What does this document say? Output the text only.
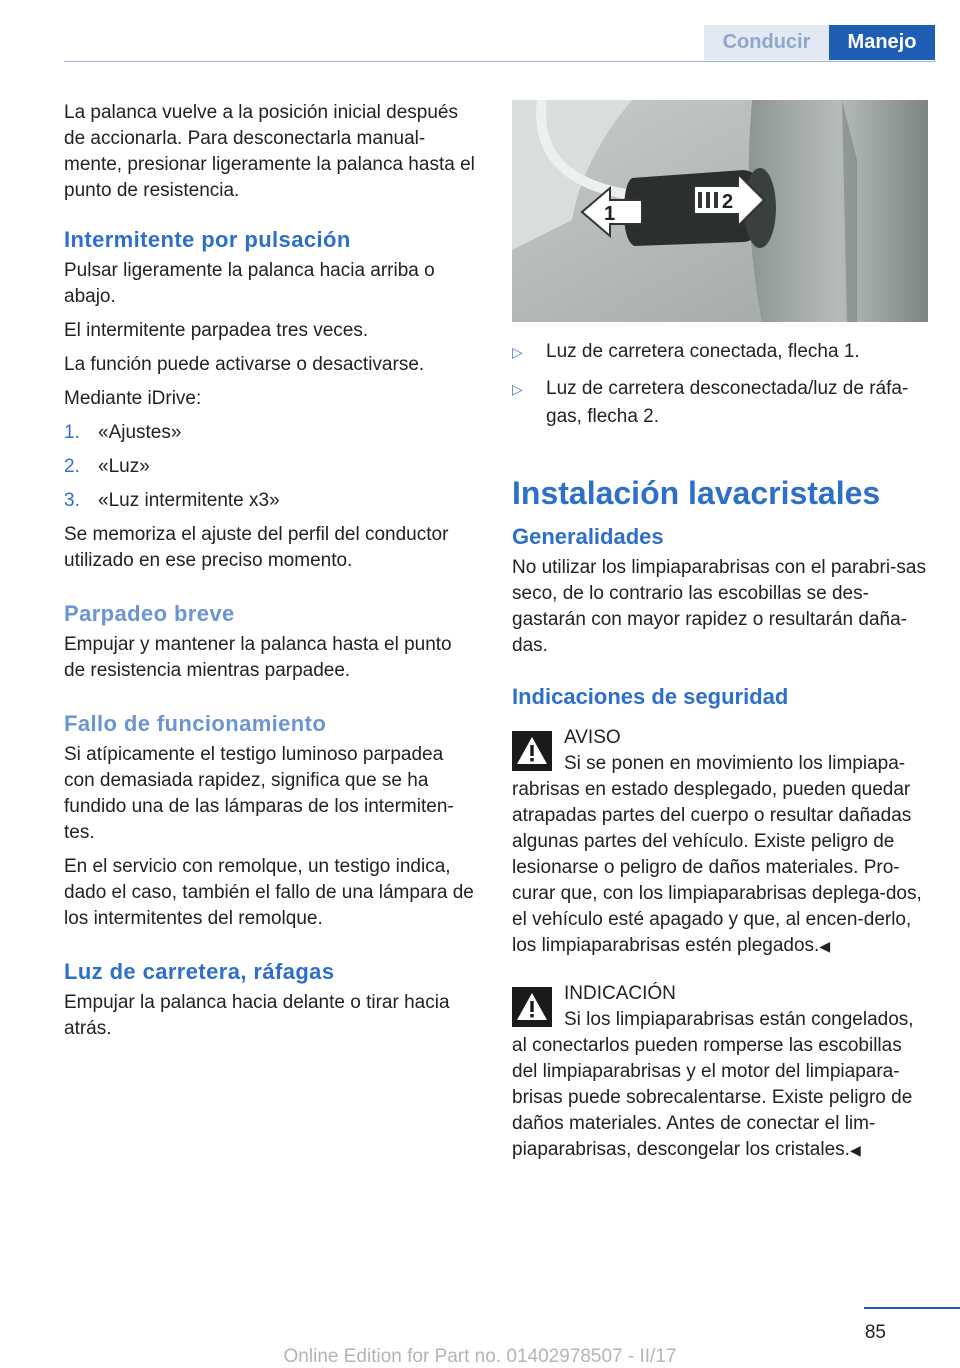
Conducir	Manejo

La palanca vuelve a la posición inicial después de accionarla. Para desconectarla manual-mente, presionar ligeramente la palanca hasta el punto de resistencia.

Intermitente por pulsación

Pulsar ligeramente la palanca hacia arriba o abajo.

El intermitente parpadea tres veces.

La función puede activarse o desactivarse.

Mediante iDrive:

1. «Ajustes»
2. «Luz»
3. «Luz intermitente x3»

Se memoriza el ajuste del perfil del conductor utilizado en ese preciso momento.

Parpadeo breve

Empujar y mantener la palanca hasta el punto de resistencia mientras parpadee.

Fallo de funcionamiento

Si atípicamente el testigo luminoso parpadea con demasiada rapidez, significa que se ha fundido una de las lámparas de los intermiten-tes.

En el servicio con remolque, un testigo indica, dado el caso, también el fallo de una lámpara de los intermitentes del remolque.

Luz de carretera, ráfagas

Empujar la palanca hacia delante o tirar hacia atrás.

1
2
▷	Luz de carretera conectada, flecha 1.
▷	Luz de carretera desconectada/luz de ráfa-gas, flecha 2.
Instalación lavacristales
Generalidades

No utilizar los limpiaparabrisas con el parabri-sas seco, de lo contrario las escobillas se des-gastarán con mayor rapidez o resultarán daña-das.

Indicaciones de seguridad
AVISO
Si se ponen en movimiento los limpiapa-

rabrisas en estado desplegado, pueden quedar atrapadas partes del cuerpo o resultar dañadas algunas partes del vehículo. Existe peligro de lesionarse o peligro de daños materiales. Pro-curar que, con los limpiaparabrisas deplega-dos, el vehículo esté apagado y que, al encen-derlo, los limpiaparabrisas estén plegados.◀

INDICACIÓN
Si los limpiaparabrisas están congelados,

al conectarlos pueden romperse las escobillas del limpiaparabrisas y el motor del limpiapara-brisas puede sobrecalentarse. Existe peligro de daños materiales. Antes de conectar el lim-piaparabrisas, descongelar los cristales.◀

85
Online Edition for Part no. 01402978507 - II/17
